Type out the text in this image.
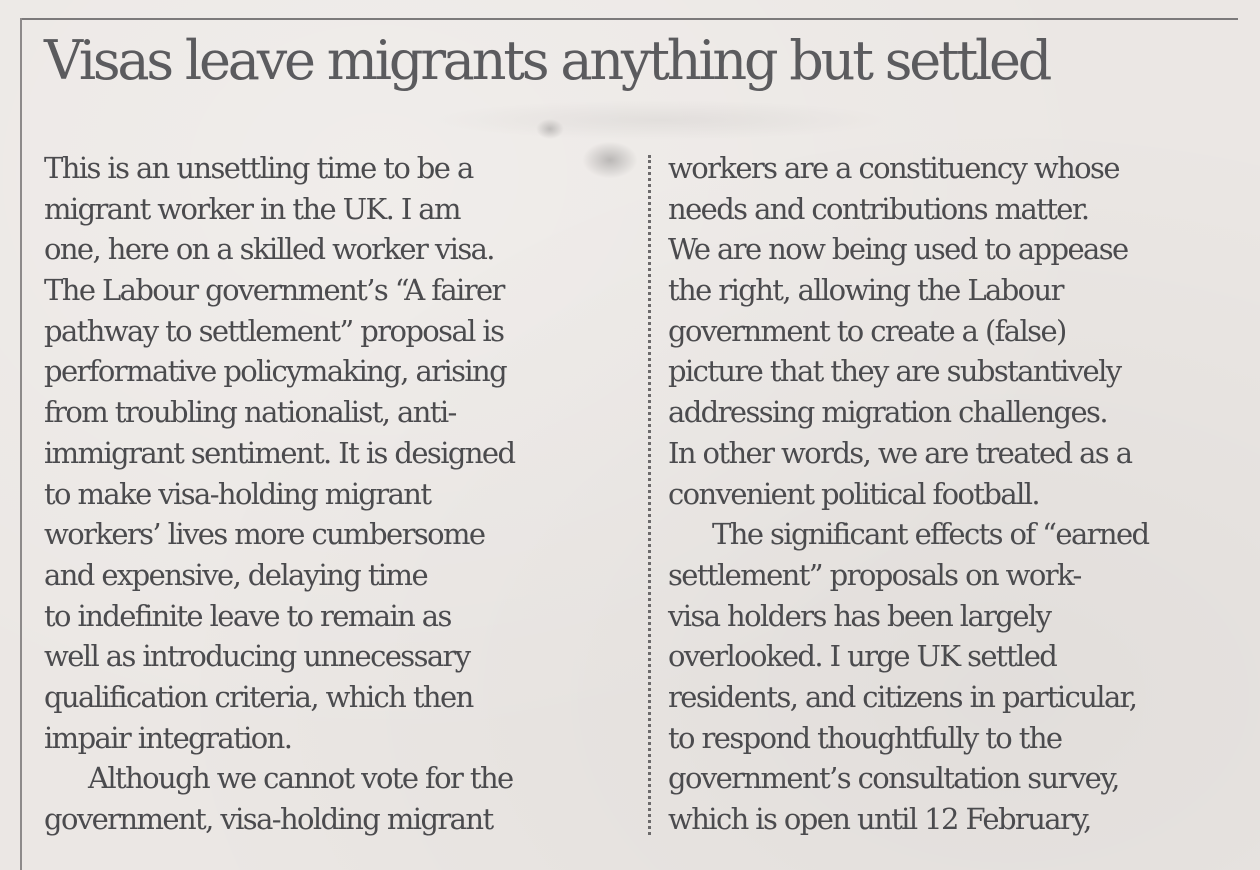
Visas leave migrants anything but settled
This is an unsettling time to be a
migrant worker in the UK. I am
one, here on a skilled worker visa.
The Labour government’s “A fairer
pathway to settlement” proposal is
performative policymaking, arising
from troubling nationalist, anti-
immigrant sentiment. It is designed
to make visa-holding migrant
workers’ lives more cumbersome
and expensive, delaying time
to indefinite leave to remain as
well as introducing unnecessary
qualification criteria, which then
impair integration.
Although we cannot vote for the
government, visa-holding migrant
workers are a constituency whose
needs and contributions matter.
We are now being used to appease
the right, allowing the Labour
government to create a (false)
picture that they are substantively
addressing migration challenges.
In other words, we are treated as a
convenient political football.
The significant effects of “earned
settlement” proposals on work-
visa holders has been largely
overlooked. I urge UK settled
residents, and citizens in particular,
to respond thoughtfully to the
government’s consultation survey,
which is open until 12 February,
